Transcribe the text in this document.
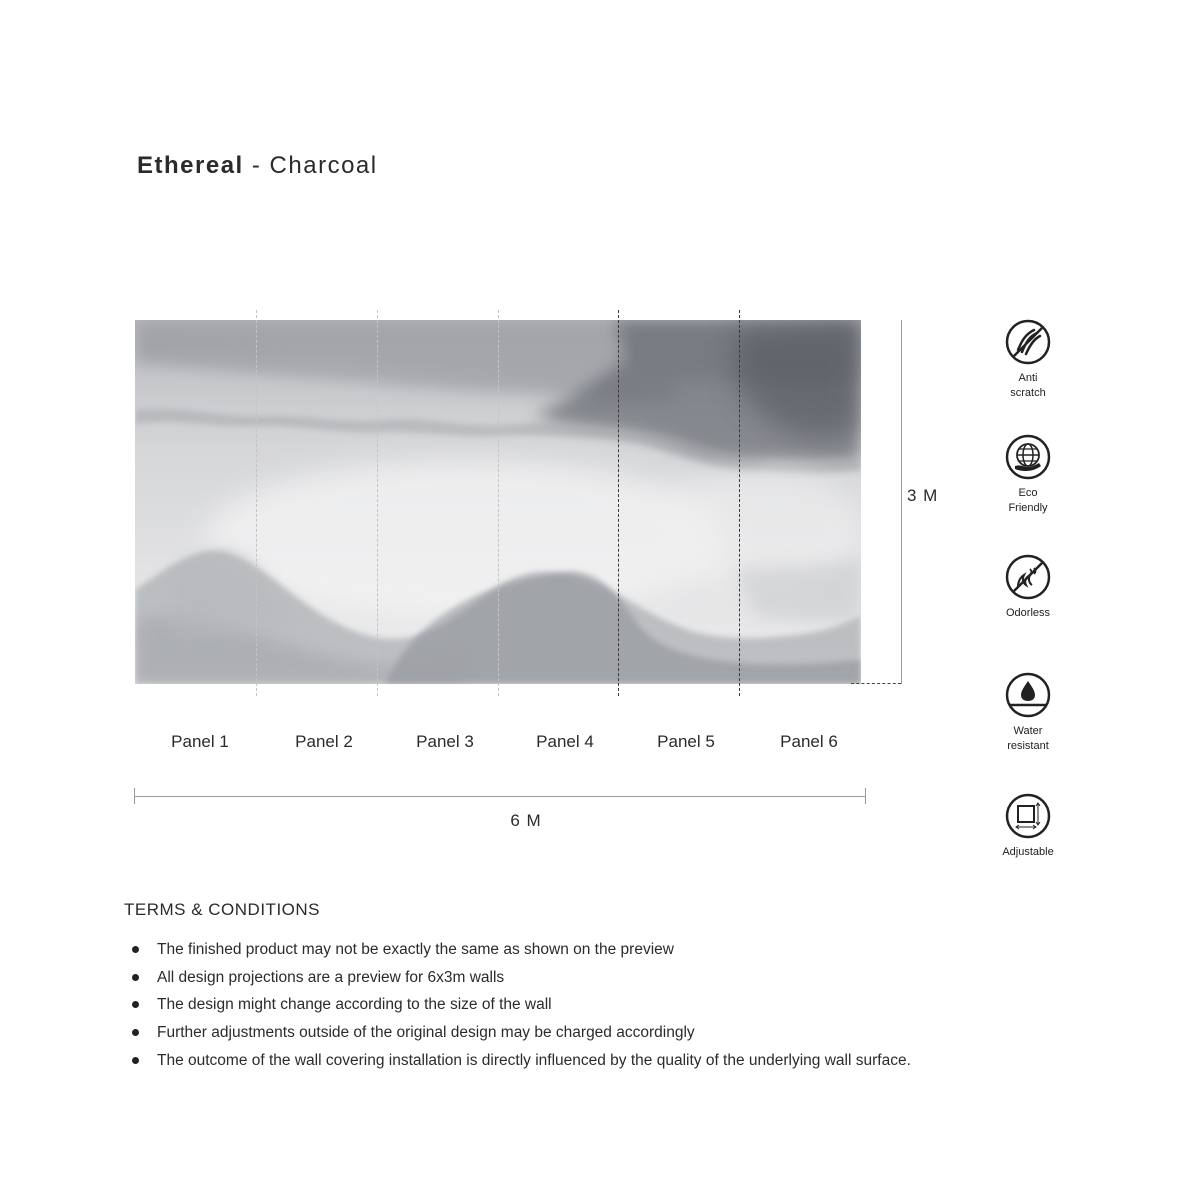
Ethereal - Charcoal
3 M
Panel 1	Panel 2	Panel 3	Panel 4	Panel 5	Panel 6
6 M
Anti
scratch
Eco
Friendly
Odorless
Water
resistant
Adjustable
TERMS & CONDITIONS
The finished product may not be exactly the same as shown on the preview
All design projections are a preview for 6x3m walls
The design might change according to the size of the wall
Further adjustments outside of the original design may be charged accordingly
The outcome of the wall covering installation is directly influenced by the quality of the underlying wall surface.
